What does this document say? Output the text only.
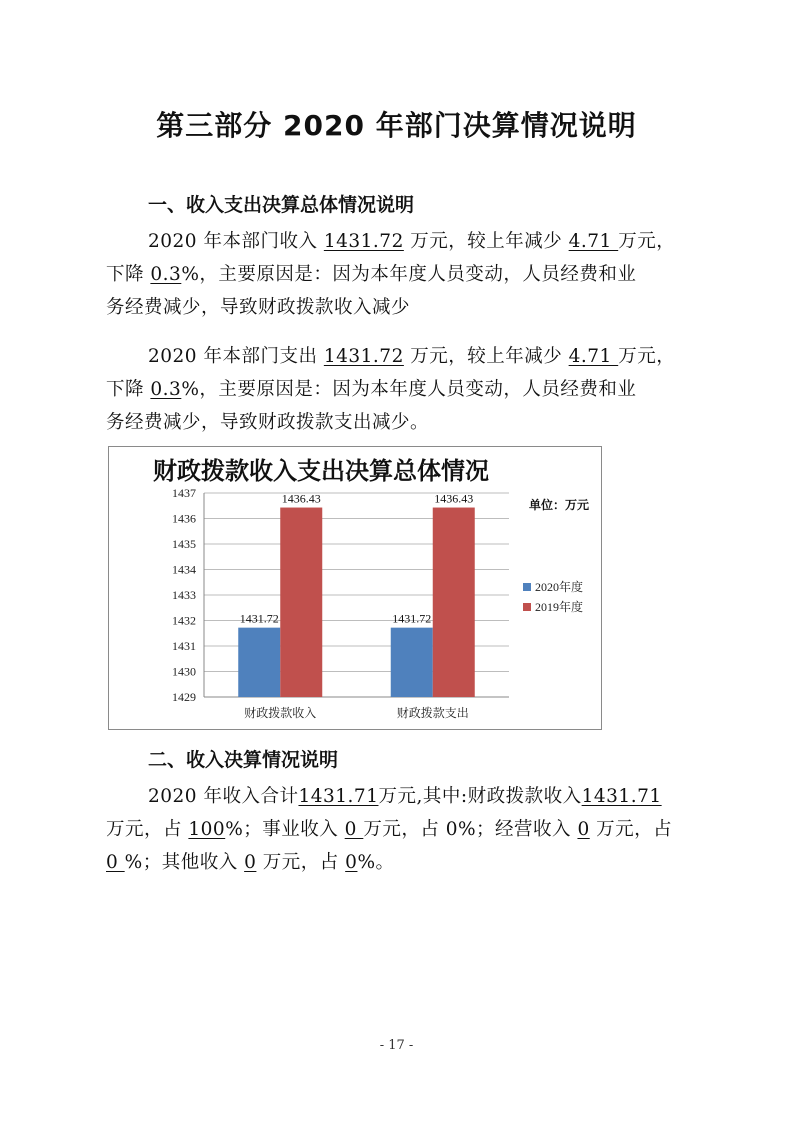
第三部分 2020 年部门决算情况说明
一、收入支出决算总体情况说明
2020 年本部门收入 1431.72 万元，较上年减少 4.71 万元，
下降 0.3%，主要原因是：因为本年度人员变动，人员经费和业
务经费减少，导致财政拨款收入减少
2020 年本部门支出 1431.72 万元，较上年减少 4.71 万元，
下降 0.3%，主要原因是：因为本年度人员变动，人员经费和业
务经费减少，导致财政拨款支出减少。
财政拨款收入支出决算总体情况
单位：万元
1429
1430
1431
1432
1433
1434
1435
1436
1437
1431.72
1436.43
财政拨款收入
1431.72
1436.43
财政拨款支出
2020年度
2019年度
二、收入决算情况说明
2020 年收入合计1431.71万元,其中:财政拨款收入1431.71
万元，占 100%；事业收入 0 万元，占 0%；经营收入 0 万元，占
0 %；其他收入 0 万元，占 0%。
- 17 -
